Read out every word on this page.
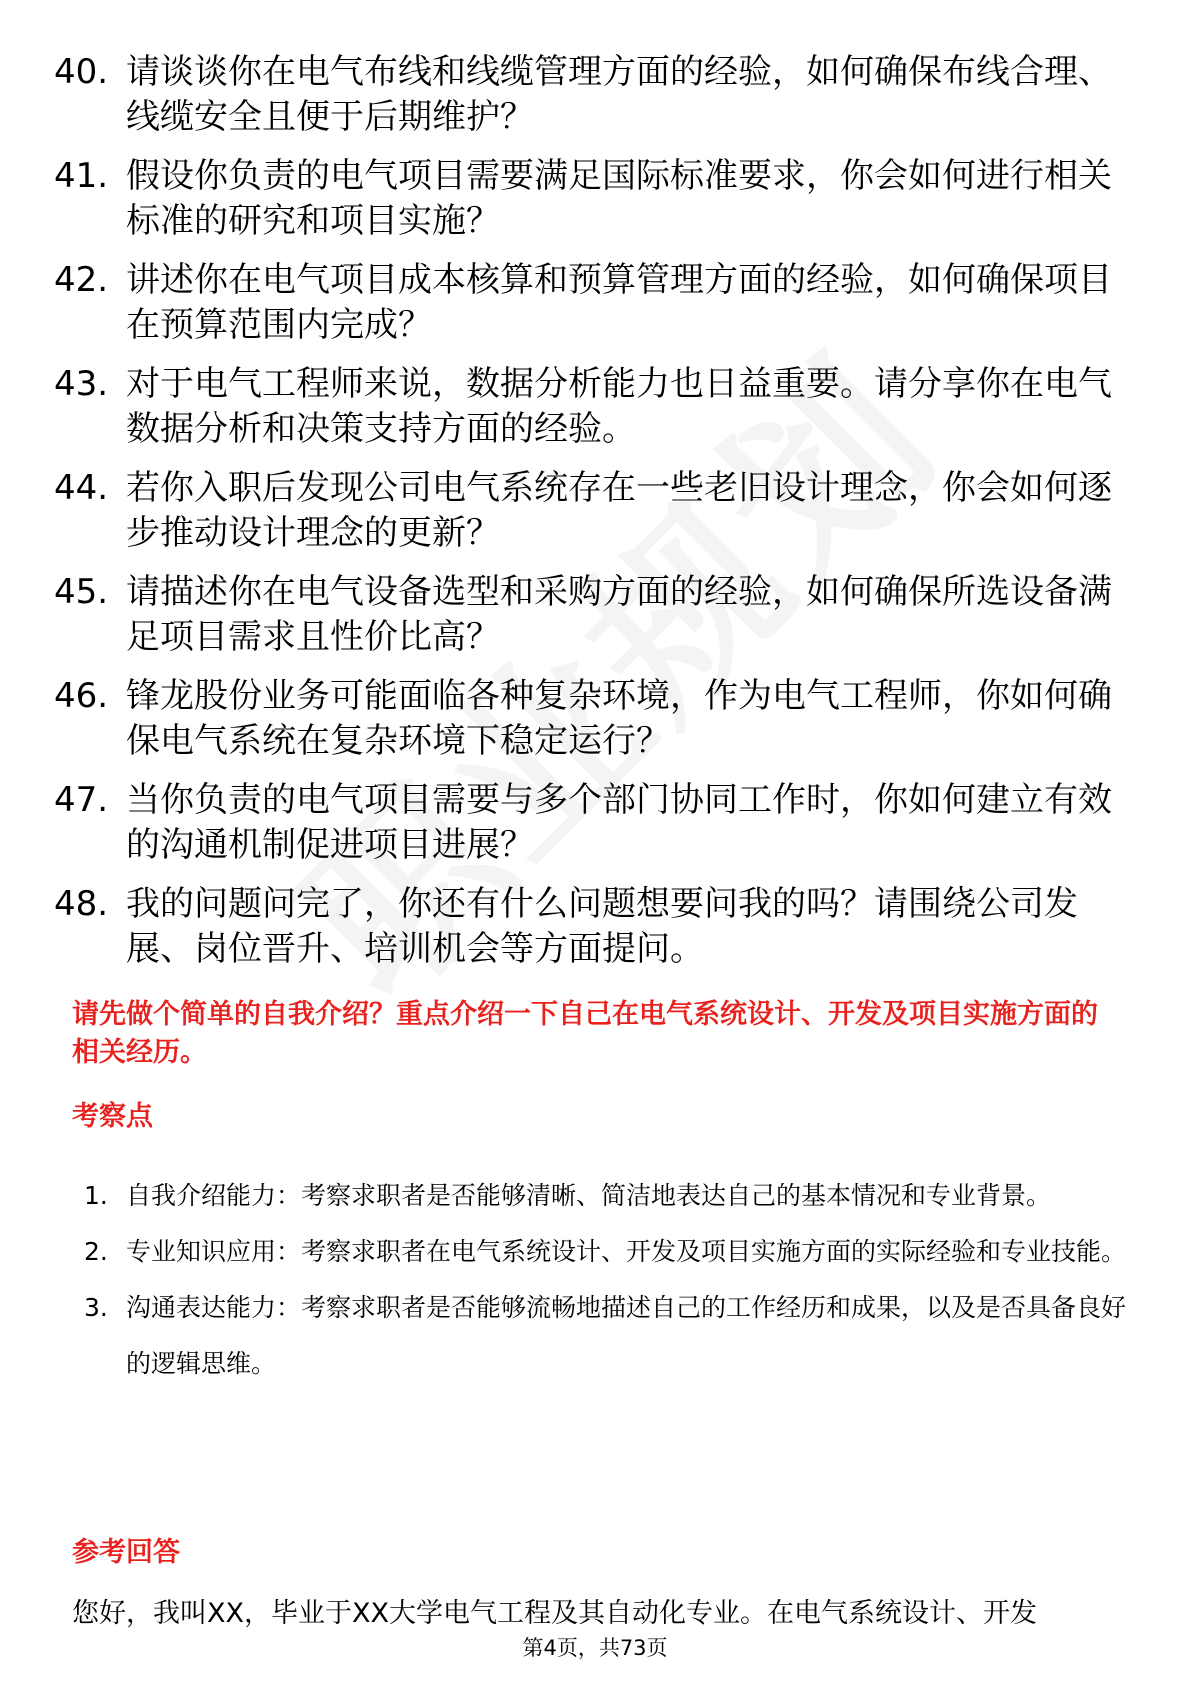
40. 请谈谈你在电气布线和线缆管理方面的经验，如何确保布线合理、线缆安全且便于后期维护？
41. 假设你负责的电气项目需要满足国际标准要求，你会如何进行相关标准的研究和项目实施？
42. 讲述你在电气项目成本核算和预算管理方面的经验，如何确保项目在预算范围内完成？
43. 对于电气工程师来说，数据分析能力也日益重要。请分享你在电气数据分析和决策支持方面的经验。
44. 若你入职后发现公司电气系统存在一些老旧设计理念，你会如何逐步推动设计理念的更新？
45. 请描述你在电气设备选型和采购方面的经验，如何确保所选设备满足项目需求且性价比高？
46. 锋龙股份业务可能面临各种复杂环境，作为电气工程师，你如何确保电气系统在复杂环境下稳定运行？
47. 当你负责的电气项目需要与多个部门协同工作时，你如何建立有效的沟通机制促进项目进展？
48. 我的问题问完了，你还有什么问题想要问我的吗？请围绕公司发展、岗位晋升、培训机会等方面提问。
请先做个简单的自我介绍？重点介绍一下自己在电气系统设计、开发及项目实施方面的相关经历。
考察点
1. 自我介绍能力：考察求职者是否能够清晰、简洁地表达自己的基本情况和专业背景。
2. 专业知识应用：考察求职者在电气系统设计、开发及项目实施方面的实际经验和专业技能。
3. 沟通表达能力：考察求职者是否能够流畅地描述自己的工作经历和成果，以及是否具备良好的逻辑思维。
参考回答
您好，我叫XX，毕业于XX大学电气工程及其自动化专业。在电气系统设计、开发
第4页，共73页
